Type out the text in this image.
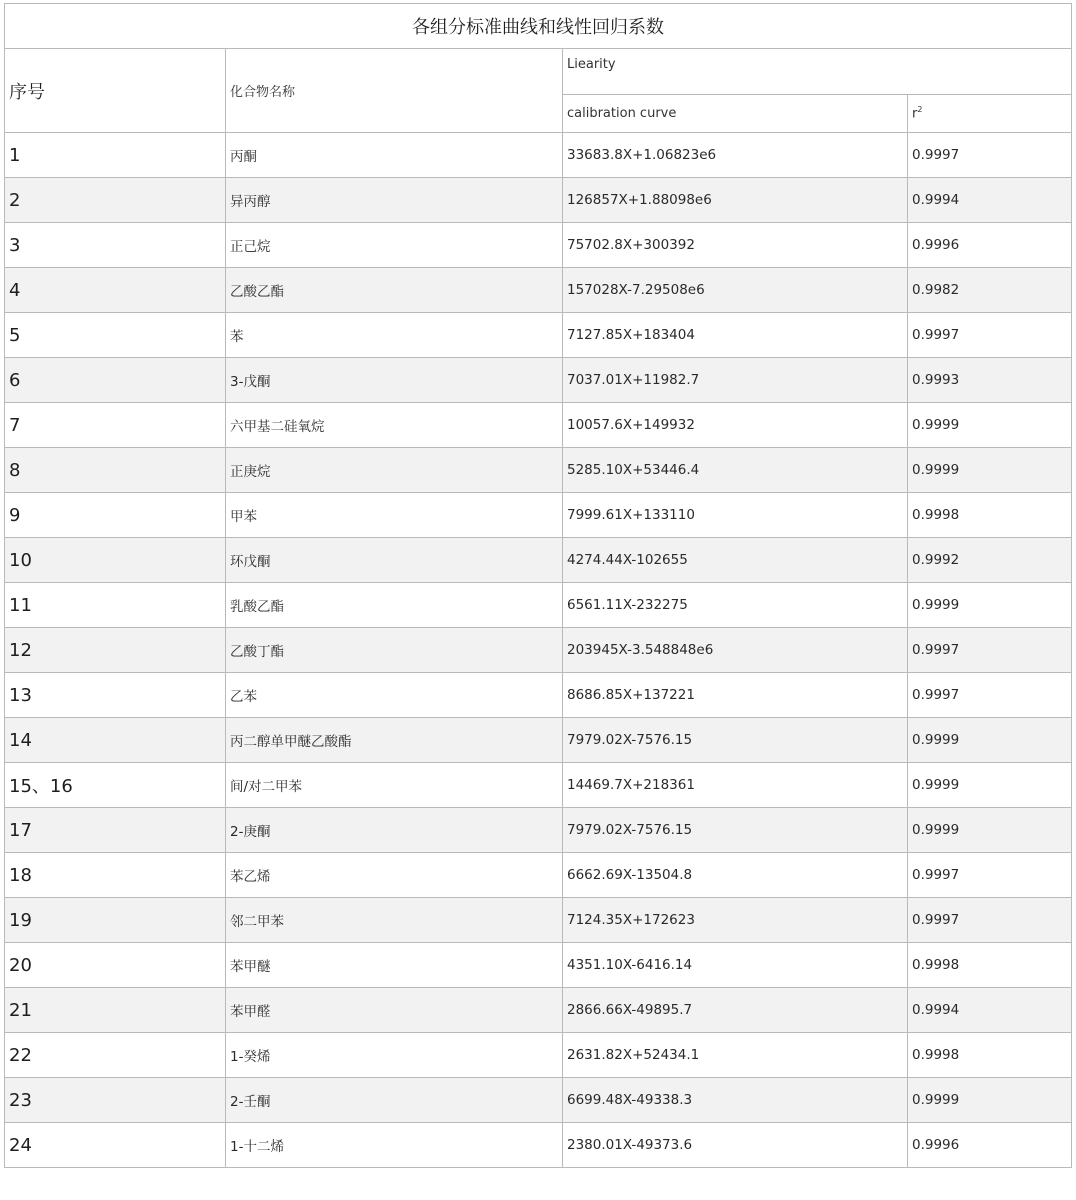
各组分标准曲线和线性回归系数			
序号	化合物名称	Liearity	
		calibration curve	$r^2$
1	丙酮	33683.8X+1.06823e6	0.9997
2	异丙醇	126857X+1.88098e6	0.9994
3	正己烷	75702.8X+300392	0.9996
4	乙酸乙酯	157028X-7.29508e6	0.9982
5	苯	7127.85X+183404	0.9997
6	3-戊酮	7037.01X+11982.7	0.9993
7	六甲基二硅氧烷	10057.6X+149932	0.9999
8	正庚烷	5285.10X+53446.4	0.9999
9	甲苯	7999.61X+133110	0.9998
10	环戊酮	4274.44X-102655	0.9992
11	乳酸乙酯	6561.11X-232275	0.9999
12	乙酸丁酯	203945X-3.548848e6	0.9997
13	乙苯	8686.85X+137221	0.9997
14	丙二醇单甲醚乙酸酯	7979.02X-7576.15	0.9999
15、16	间/对二甲苯	14469.7X+218361	0.9999
17	2-庚酮	7979.02X-7576.15	0.9999
18	苯乙烯	6662.69X-13504.8	0.9997
19	邻二甲苯	7124.35X+172623	0.9997
20	苯甲醚	4351.10X-6416.14	0.9998
21	苯甲醛	2866.66X-49895.7	0.9994
22	1-癸烯	2631.82X+52434.1	0.9998
23	2-壬酮	6699.48X-49338.3	0.9999
24	1-十二烯	2380.01X-49373.6	0.9996
